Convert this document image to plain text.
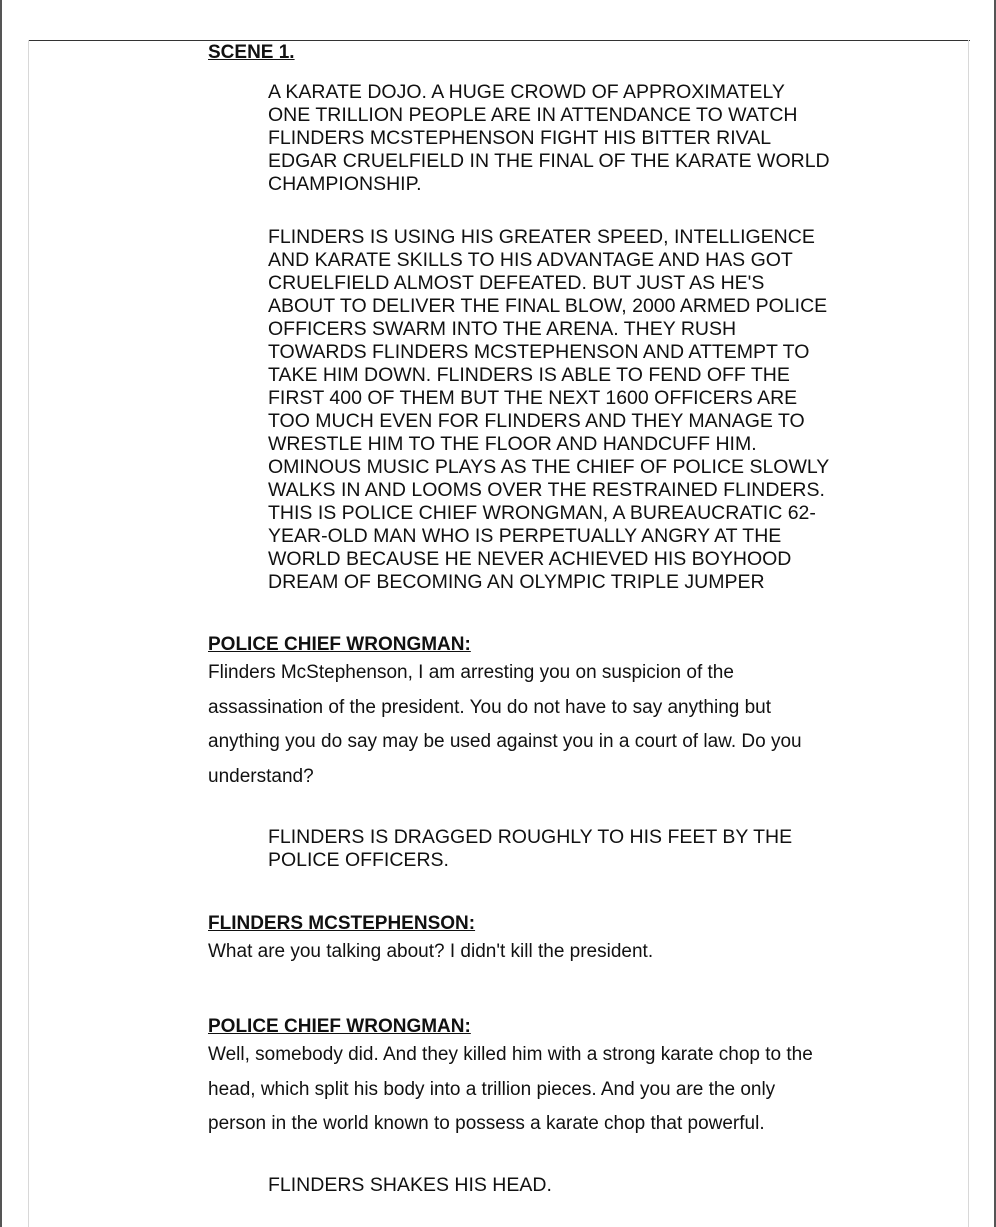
SCENE 1.
A KARATE DOJO. A HUGE CROWD OF APPROXIMATELY
ONE TRILLION PEOPLE ARE IN ATTENDANCE TO WATCH
FLINDERS MCSTEPHENSON FIGHT HIS BITTER RIVAL
EDGAR CRUELFIELD IN THE FINAL OF THE KARATE WORLD
CHAMPIONSHIP.
FLINDERS IS USING HIS GREATER SPEED, INTELLIGENCE
AND KARATE SKILLS TO HIS ADVANTAGE AND HAS GOT
CRUELFIELD ALMOST DEFEATED. BUT JUST AS HE'S
ABOUT TO DELIVER THE FINAL BLOW, 2000 ARMED POLICE
OFFICERS SWARM INTO THE ARENA. THEY RUSH
TOWARDS FLINDERS MCSTEPHENSON AND ATTEMPT TO
TAKE HIM DOWN. FLINDERS IS ABLE TO FEND OFF THE
FIRST 400 OF THEM BUT THE NEXT 1600 OFFICERS ARE
TOO MUCH EVEN FOR FLINDERS AND THEY MANAGE TO
WRESTLE HIM TO THE FLOOR AND HANDCUFF HIM.
OMINOUS MUSIC PLAYS AS THE CHIEF OF POLICE SLOWLY
WALKS IN AND LOOMS OVER THE RESTRAINED FLINDERS.
THIS IS POLICE CHIEF WRONGMAN, A BUREAUCRATIC 62-
YEAR-OLD MAN WHO IS PERPETUALLY ANGRY AT THE
WORLD BECAUSE HE NEVER ACHIEVED HIS BOYHOOD
DREAM OF BECOMING AN OLYMPIC TRIPLE JUMPER
POLICE CHIEF WRONGMAN:
Flinders McStephenson, I am arresting you on suspicion of the
assassination of the president. You do not have to say anything but
anything you do say may be used against you in a court of law. Do you
understand?
FLINDERS IS DRAGGED ROUGHLY TO HIS FEET BY THE
POLICE OFFICERS.
FLINDERS MCSTEPHENSON:
What are you talking about? I didn't kill the president.
POLICE CHIEF WRONGMAN:
Well, somebody did. And they killed him with a strong karate chop to the
head, which split his body into a trillion pieces. And you are the only
person in the world known to possess a karate chop that powerful.
FLINDERS SHAKES HIS HEAD.
